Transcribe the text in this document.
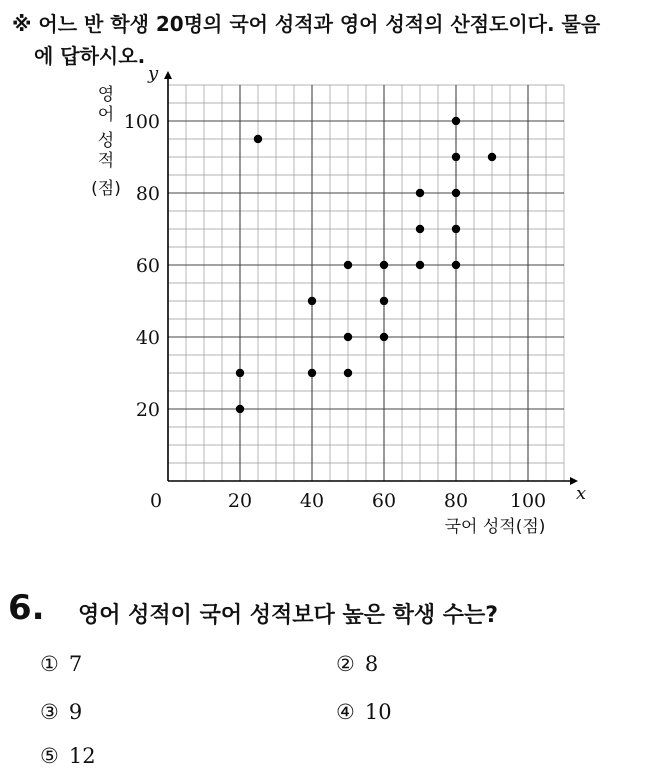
※ 어느 반 학생 20명의 국어 성적과 영어 성적의 산점도이다. 물음
에 답하시오.
20	40	60	80 100
20
40
60
80
100
0	x
y
국어 성적(점)
영
어
성
적
(점)
6. 영어 성적이 국어 성적보다 높은 학생 수는?
① 7	② 8
③ 9	④ 10
⑤ 12
